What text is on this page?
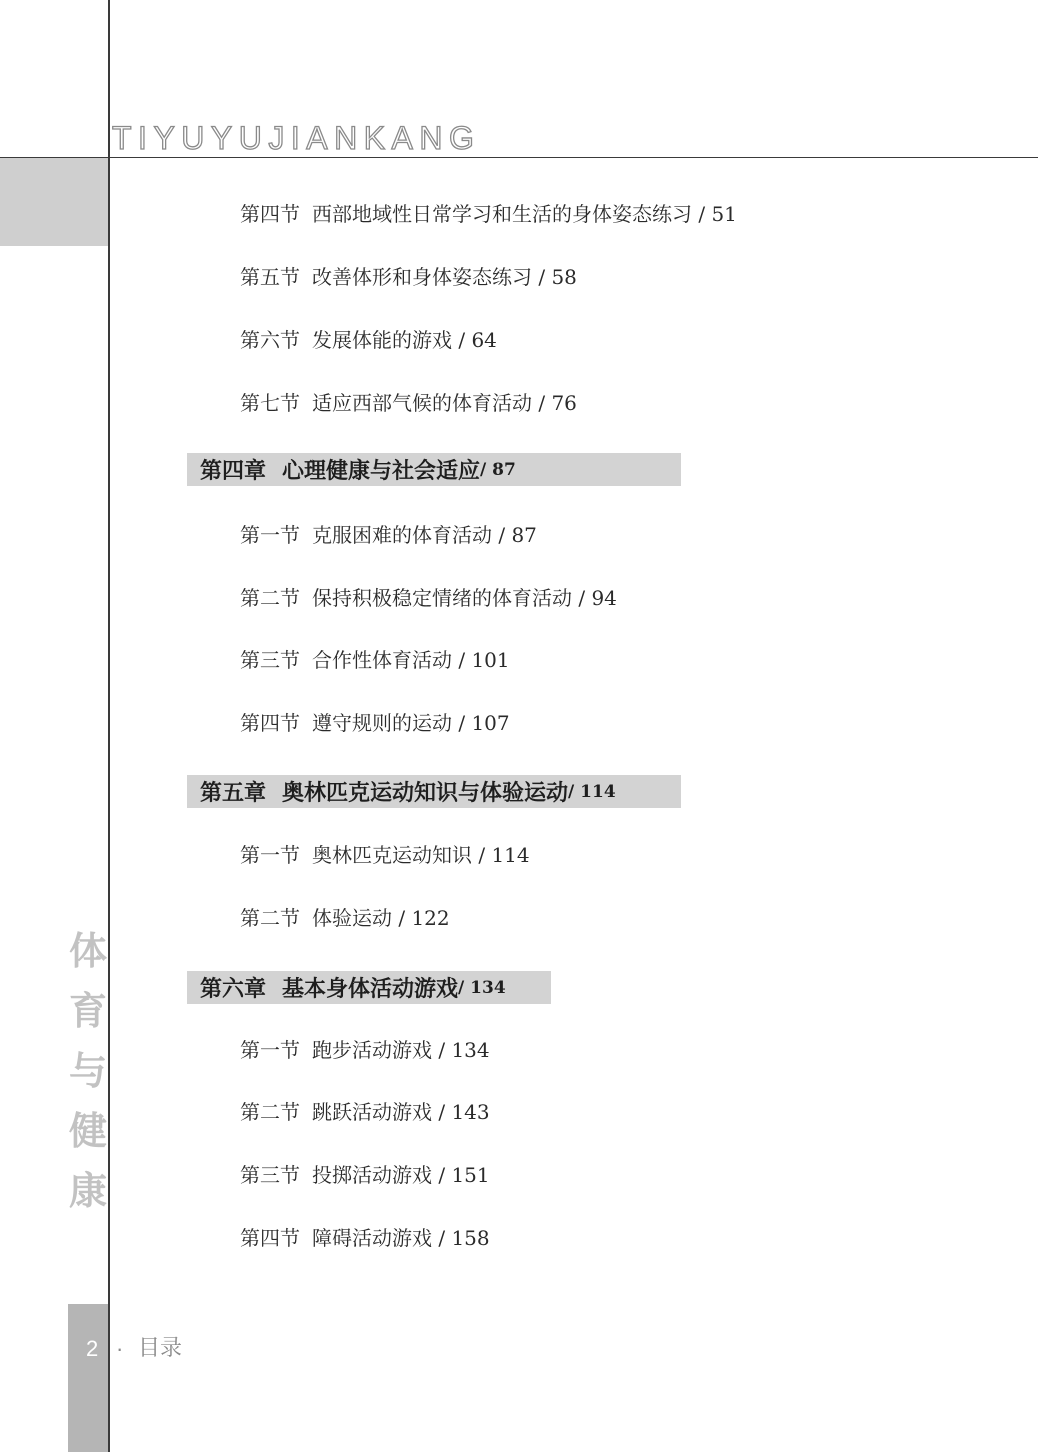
TIYUYUJIANKANG
体
育
与
健
康
2 · 目录
第四节 西部地域性日常学习和生活的身体姿态练习 / 51
第五节 改善体形和身体姿态练习 / 58
第六节 发展体能的游戏 / 64
第七节 适应西部气候的体育活动 / 76
第四章 心理健康与社会适应 / 87
第一节 克服困难的体育活动 / 87
第二节 保持积极稳定情绪的体育活动 / 94
第三节 合作性体育活动 / 101
第四节 遵守规则的运动 / 107
第五章 奥林匹克运动知识与体验运动 / 114
第一节 奥林匹克运动知识 / 114
第二节 体验运动 / 122
第六章 基本身体活动游戏 / 134
第一节 跑步活动游戏 / 134
第二节 跳跃活动游戏 / 143
第三节 投掷活动游戏 / 151
第四节 障碍活动游戏 / 158
